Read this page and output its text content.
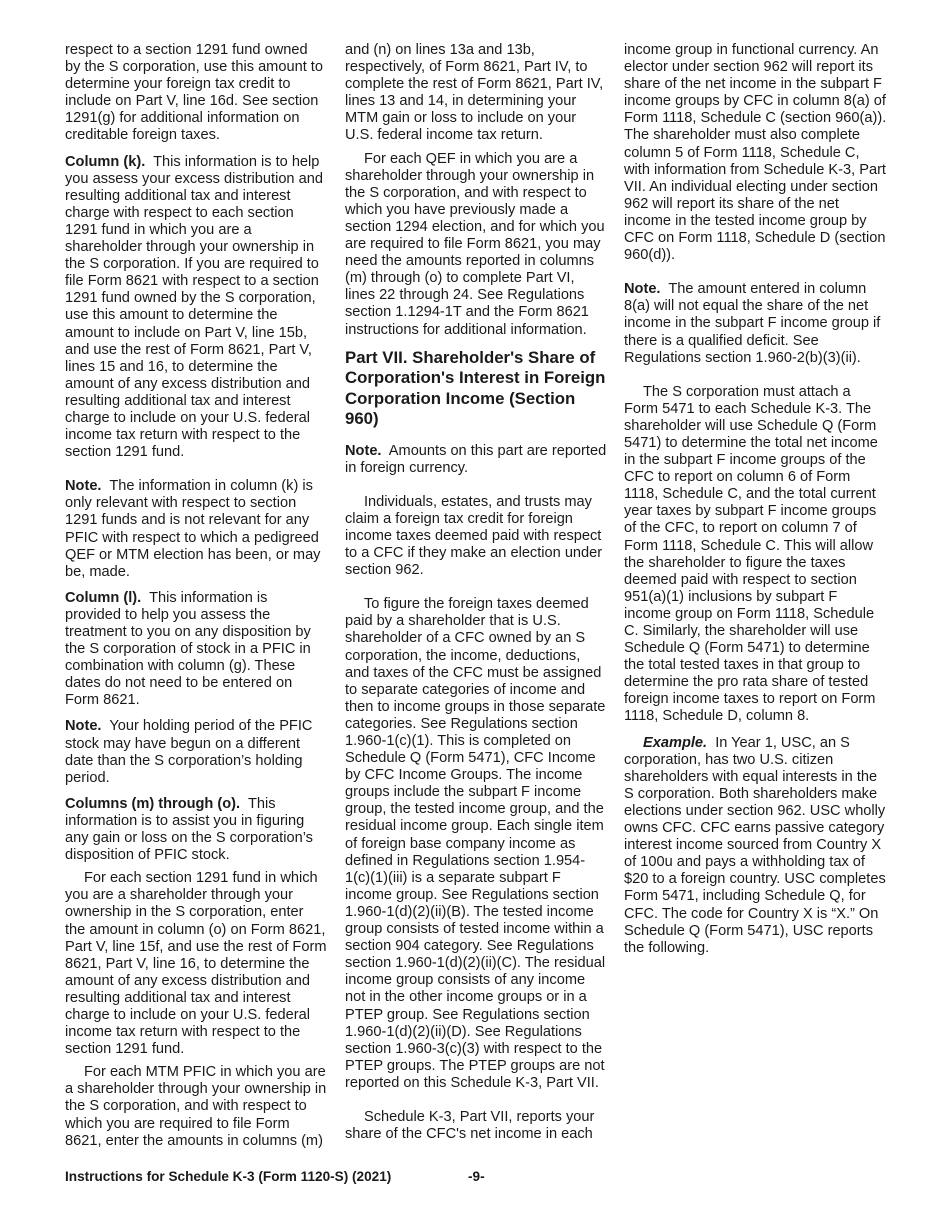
respect to a section 1291 fund owned by the S corporation, use this amount to determine your foreign tax credit to include on Part V, line 16d. See section 1291(g) for additional information on creditable foreign taxes.

Column (k). This information is to help you assess your excess distribution and resulting additional tax and interest charge with respect to each section 1291 fund in which you are a shareholder through your ownership in the S corporation. If you are required to file Form 8621 with respect to a section 1291 fund owned by the S corporation, use this amount to determine the amount to include on Part V, line 15b, and use the rest of Form 8621, Part V, lines 15 and 16, to determine the amount of any excess distribution and resulting additional tax and interest charge to include on your U.S. federal income tax return with respect to the section 1291 fund.

Note. The information in column (k) is only relevant with respect to section 1291 funds and is not relevant for any PFIC with respect to which a pedigreed QEF or MTM election has been, or may be, made.

Column (l). This information is provided to help you assess the treatment to you on any disposition by the S corporation of stock in a PFIC in combination with column (g). These dates do not need to be entered on Form 8621.

Note. Your holding period of the PFIC stock may have begun on a different date than the S corporation’s holding period.

Columns (m) through (o). This information is to assist you in figuring any gain or loss on the S corporation’s disposition of PFIC stock.

For each section 1291 fund in which you are a shareholder through your ownership in the S corporation, enter the amount in column (o) on Form 8621, Part V, line 15f, and use the rest of Form 8621, Part V, line 16, to determine the amount of any excess distribution and resulting additional tax and interest charge to include on your U.S. federal income tax return with respect to the section 1291 fund.

For each MTM PFIC in which you are a shareholder through your ownership in the S corporation, and with respect to which you are required to file Form 8621, enter the amounts in columns (m)

and (n) on lines 13a and 13b, respectively, of Form 8621, Part IV, to complete the rest of Form 8621, Part IV, lines 13 and 14, in determining your MTM gain or loss to include on your U.S. federal income tax return.

For each QEF in which you are a shareholder through your ownership in the S corporation, and with respect to which you have previously made a section 1294 election, and for which you are required to file Form 8621, you may need the amounts reported in columns (m) through (o) to complete Part VI, lines 22 through 24. See Regulations section 1.1294-1T and the Form 8621 instructions for additional information.

Part VII. Shareholder's Share of Corporation's Interest in Foreign Corporation Income (Section 960)

Note. Amounts on this part are reported in foreign currency.

Individuals, estates, and trusts may claim a foreign tax credit for foreign income taxes deemed paid with respect to a CFC if they make an election under section 962.

To figure the foreign taxes deemed paid by a shareholder that is U.S. shareholder of a CFC owned by an S corporation, the income, deductions, and taxes of the CFC must be assigned to separate categories of income and then to income groups in those separate categories. See Regulations section 1.960-1(c)(1). This is completed on Schedule Q (Form 5471), CFC Income by CFC Income Groups. The income groups include the subpart F income group, the tested income group, and the residual income group. Each single item of foreign base company income as defined in Regulations section 1.954-1(c)(1)(iii) is a separate subpart F income group. See Regulations section 1.960-1(d)(2)(ii)(B). The tested income group consists of tested income within a section 904 category. See Regulations section 1.960-1(d)(2)(ii)(C). The residual income group consists of any income not in the other income groups or in a PTEP group. See Regulations section 1.960-1(d)(2)(ii)(D). See Regulations section 1.960-3(c)(3) with respect to the PTEP groups. The PTEP groups are not reported on this Schedule K-3, Part VII.

Schedule K-3, Part VII, reports your share of the CFC's net income in each

income group in functional currency. An elector under section 962 will report its share of the net income in the subpart F income groups by CFC in column 8(a) of Form 1118, Schedule C (section 960(a)). The shareholder must also complete column 5 of Form 1118, Schedule C, with information from Schedule K-3, Part VII. An individual electing under section 962 will report its share of the net income in the tested income group by CFC on Form 1118, Schedule D (section 960(d)).

Note. The amount entered in column 8(a) will not equal the share of the net income in the subpart F income group if there is a qualified deficit. See Regulations section 1.960-2(b)(3)(ii).

The S corporation must attach a Form 5471 to each Schedule K-3. The shareholder will use Schedule Q (Form 5471) to determine the total net income in the subpart F income groups of the CFC to report on column 6 of Form 1118, Schedule C, and the total current year taxes by subpart F income groups of the CFC, to report on column 7 of Form 1118, Schedule C. This will allow the shareholder to figure the taxes deemed paid with respect to section 951(a)(1) inclusions by subpart F income group on Form 1118, Schedule C. Similarly, the shareholder will use Schedule Q (Form 5471) to determine the total tested taxes in that group to determine the pro rata share of tested foreign income taxes to report on Form 1118, Schedule D, column 8.

Example. In Year 1, USC, an S corporation, has two U.S. citizen shareholders with equal interests in the S corporation. Both shareholders make elections under section 962. USC wholly owns CFC. CFC earns passive category interest income sourced from Country X of 100u and pays a withholding tax of $20 to a foreign country. USC completes Form 5471, including Schedule Q, for CFC. The code for Country X is “X.” On Schedule Q (Form 5471), USC reports the following.

Instructions for Schedule K-3 (Form 1120-S) (2021)	-9-
